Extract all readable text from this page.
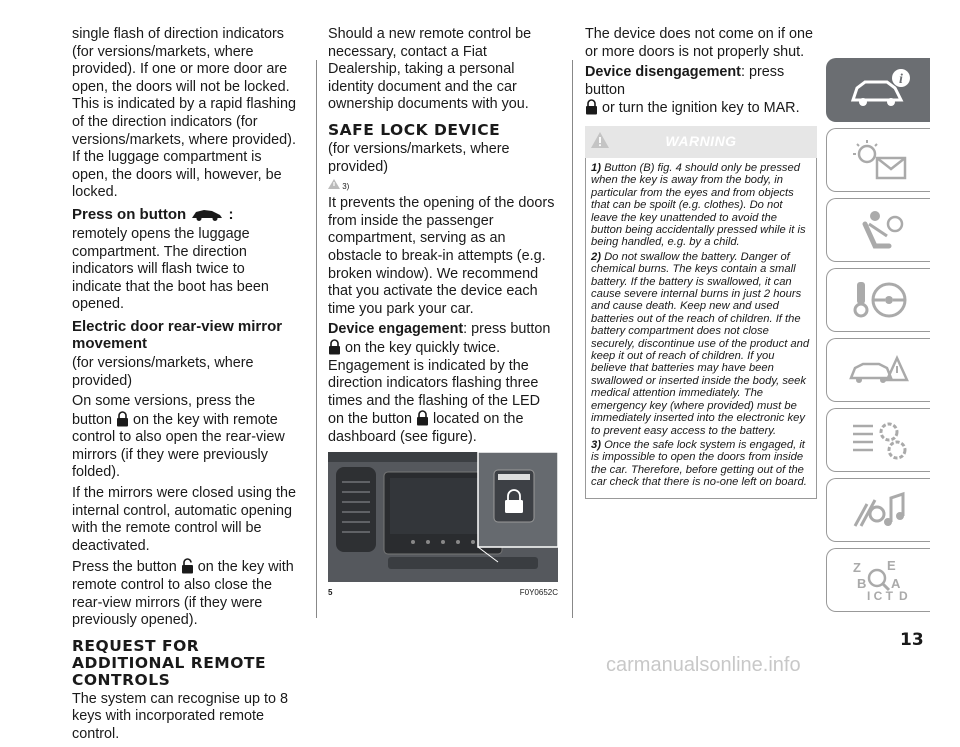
single flash of direction indicators (for versions/markets, where provided). If one or more door are open, the doors will not be locked. This is indicated by a rapid flashing of the direction indicators (for versions/markets, where provided). If the luggage compartment is open, the doors will, however, be locked.

Press on button	:

remotely opens the luggage compartment. The direction indicators will flash twice to indicate that the boot has been opened.

Electric door rear-view mirror movement

(for versions/markets, where provided)

On some versions, press the button on the key with remote control to also open the rear-view mirrors (if they were previously folded).

If the mirrors were closed using the internal control, automatic opening with the remote control will be deactivated.

Press the button on the key with remote control to also close the rear-view mirrors (if they were previously opened).

REQUEST FOR ADDITIONAL REMOTE CONTROLS

The system can recognise up to 8 keys with incorporated remote control.

Should a new remote control be necessary, contact a Fiat Dealership, taking a personal identity document and the car ownership documents with you.

SAFE LOCK DEVICE

(for versions/markets, where provided)

3)

It prevents the opening of the doors from inside the passenger compartment, serving as an obstacle to break-in attempts (e.g. broken window). We recommend that you activate the device each time you park your car.

Device engagement: press button  on the key quickly twice. Engagement is indicated by the direction indicators flashing three times and the flashing of the LED on the button located on the dashboard (see figure).

5	F0Y0652C

The device does not come on if one or more doors is not properly shut.

Device disengagement: press button
or turn the ignition key to MAR.

WARNING

1) Button (B) fig. 4 should only be pressed when the key is away from the body, in particular from the eyes and from objects that can be spoilt (e.g. clothes). Do not leave the key unattended to avoid the button being accidentally pressed while it is being handled, e.g. by a child.

2) Do not swallow the battery. Danger of chemical burns. The keys contain a small battery. If the battery is swallowed, it can cause severe internal burns in just 2 hours and cause death. Keep new and used batteries out of the reach of children. If the battery compartment does not close securely, discontinue use of the product and keep it out of reach of children. If you believe that batteries may have been swallowed or inserted inside the body, seek medical attention immediately. The emergency key (where provided) must be immediately inserted into the electronic key to prevent easy access to the battery.

3) Once the safe lock system is engaged, it is impossible to open the doors from inside the car. Therefore, before getting out of the car check that there is no-one left on board.

i
Z E
B A
I C T D
13
carmanualsonline.info
